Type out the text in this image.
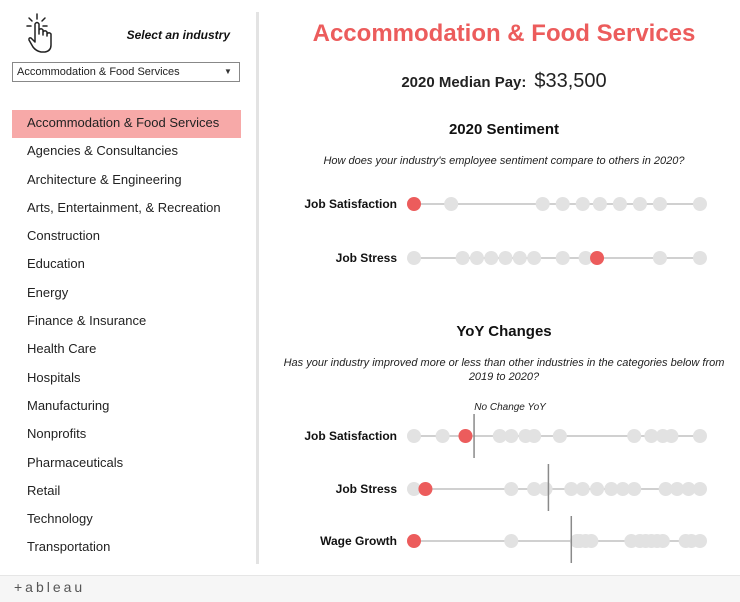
Select an industry
Accommodation & Food Services	▼
Accommodation & Food Services
Agencies & Consultancies
Architecture & Engineering
Arts, Entertainment, & Recreation
Construction
Education
Energy
Finance & Insurance
Health Care
Hospitals
Manufacturing
Nonprofits
Pharmaceuticals
Retail
Technology
Transportation
Accommodation & Food Services
2020 Median Pay: $33,500
2020 Sentiment
How does your industry's employee sentiment compare to others in 2020?
YoY Changes
Has your industry improved more or less than other industries in the categories below from 2019 to 2020?
Job Satisfaction
Job Stress
Job Satisfaction
No Change YoY
Job Stress
Wage Growth
+ableau
